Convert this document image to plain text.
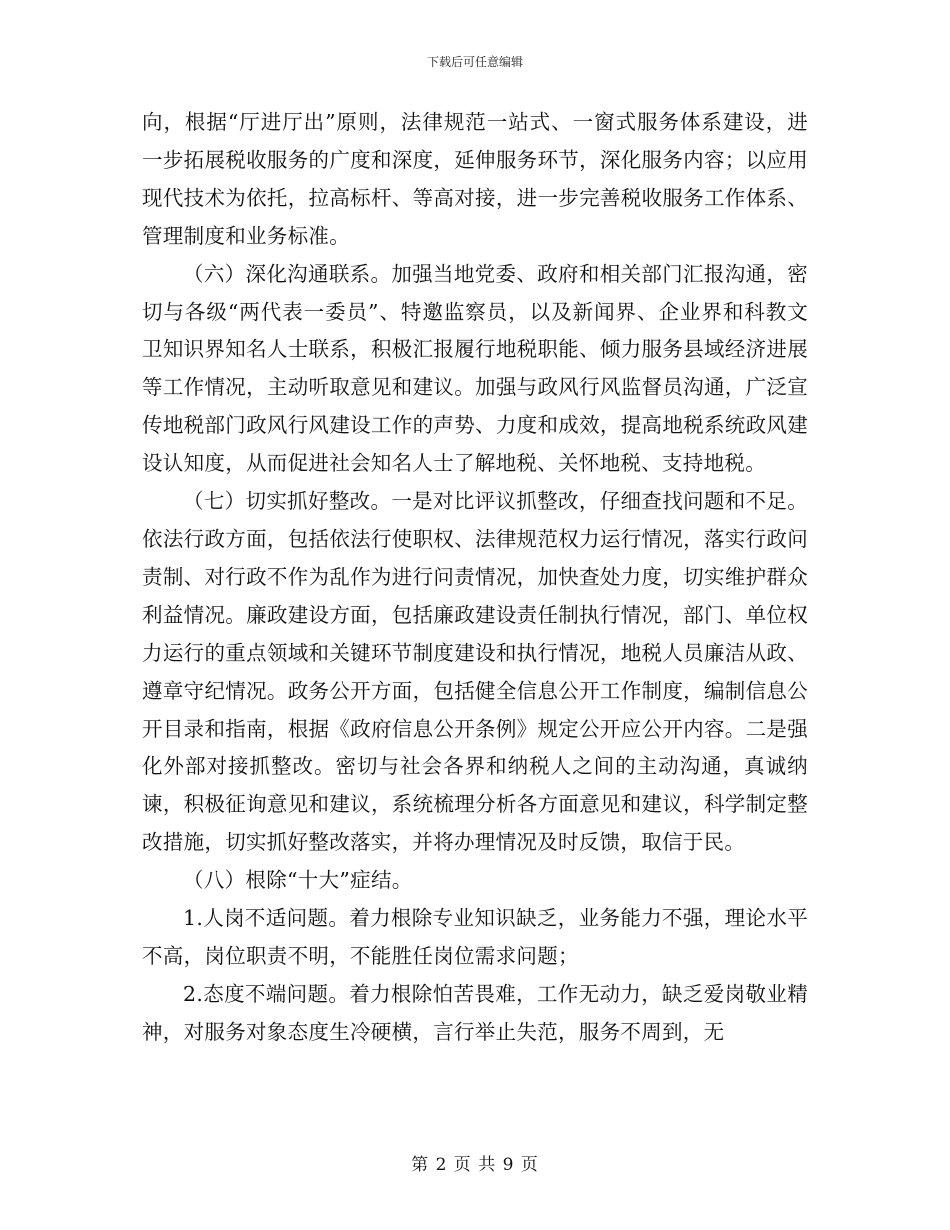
下载后可任意编辑

向，根据“厅进厅出”原则，法律规范一站式、一窗式服务体系建设，进一步拓展税收服务的广度和深度，延伸服务环节，深化服务内容；以应用现代技术为依托，拉高标杆、等高对接，进一步完善税收服务工作体系、管理制度和业务标准。

（六）深化沟通联系。加强当地党委、政府和相关部门汇报沟通，密切与各级“两代表一委员”、特邀监察员，以及新闻界、企业界和科教文卫知识界知名人士联系，积极汇报履行地税职能、倾力服务县域经济进展等工作情况，主动听取意见和建议。加强与政风行风监督员沟通，广泛宣传地税部门政风行风建设工作的声势、力度和成效，提高地税系统政风建设认知度，从而促进社会知名人士了解地税、关怀地税、支持地税。

（七）切实抓好整改。一是对比评议抓整改，仔细查找问题和不足。依法行政方面，包括依法行使职权、法律规范权力运行情况，落实行政问责制、对行政不作为乱作为进行问责情况，加快查处力度，切实维护群众利益情况。廉政建设方面，包括廉政建设责任制执行情况，部门、单位权力运行的重点领域和关键环节制度建设和执行情况，地税人员廉洁从政、遵章守纪情况。政务公开方面，包括健全信息公开工作制度，编制信息公开目录和指南，根据《政府信息公开条例》规定公开应公开内容。二是强化外部对接抓整改。密切与社会各界和纳税人之间的主动沟通，真诚纳谏，积极征询意见和建议，系统梳理分析各方面意见和建议，科学制定整改措施，切实抓好整改落实，并将办理情况及时反馈，取信于民。

（八）根除“十大”症结。

1.人岗不适问题。着力根除专业知识缺乏，业务能力不强，理论水平不高，岗位职责不明，不能胜任岗位需求问题；

2.态度不端问题。着力根除怕苦畏难，工作无动力，缺乏爱岗敬业精神，对服务对象态度生冷硬横，言行举止失范，服务不周到，无

第 2 页 共 9 页
